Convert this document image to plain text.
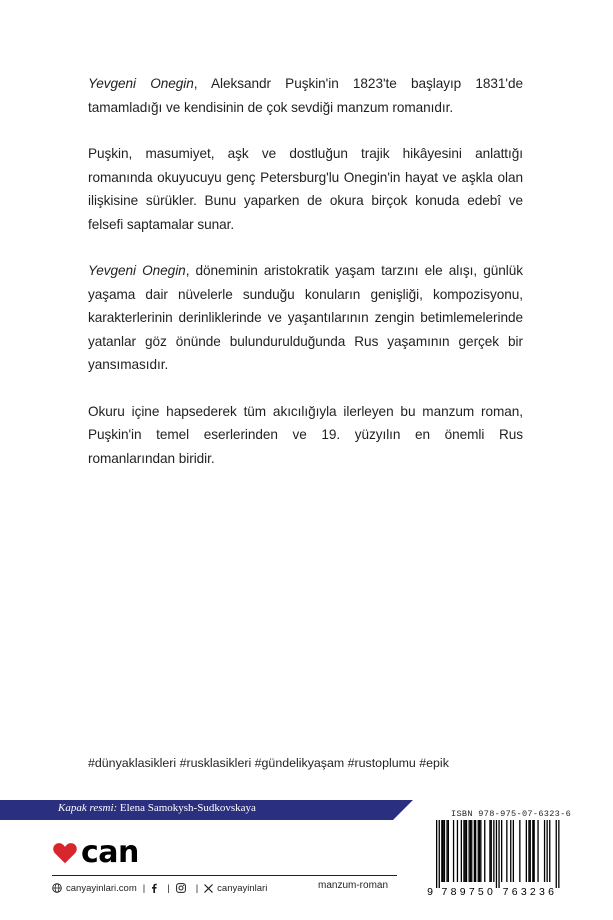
Yevgeni Onegin, Aleksandr Puşkin'in 1823'te başlayıp 1831'de tamamladığı ve kendisinin de çok sevdiği manzum romanıdır.

Puşkin, masumiyet, aşk ve dostluğun trajik hikâyesini anlattığı romanında okuyucuyu genç Petersburg'lu Onegin'in hayat ve aşkla olan ilişkisine sürükler. Bunu yaparken de okura birçok konuda edebî ve felsefi saptamalar sunar.

Yevgeni Onegin, döneminin aristokratik yaşam tarzını ele alışı, günlük yaşama dair nüvelerle sunduğu konuların genişliği, kompozisyonu, karakterlerinin derinliklerinde ve yaşantılarının zengin betimlemelerinde yatanlar göz önünde bulundurulduğunda Rus yaşamının gerçek bir yansımasıdır.

Okuru içine hapsederek tüm akıcılığıyla ilerleyen bu manzum roman, Puşkin'in temel eserlerinden ve 19. yüzyılın en önemli Rus romanlarından biridir.

#dünyaklasikleri #rusklasikleri #gündelikyaşam #rustoplumu #epik
Kapak resmi: Elena Samokysh-Sudkovskaya
can
canyayinlari.com | |	| canyayinlari	manzum-roman
ISBN 978-975-07-6323-6
9 7 8 9 7 5 0 7 6 3 2 3 6
